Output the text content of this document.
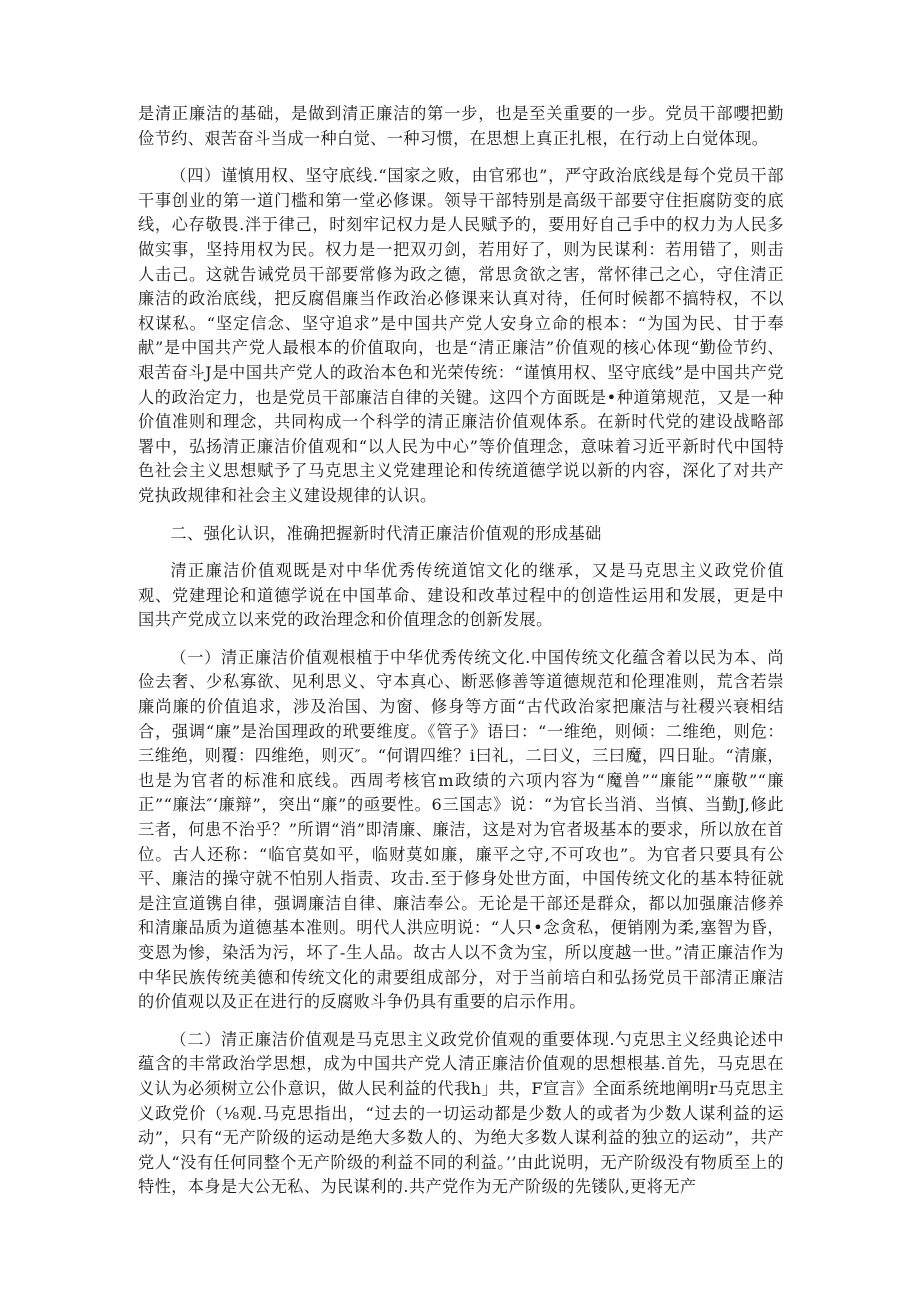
是清正廉洁的基础，是做到清正廉洁的第一步，也是至关重要的一步。党员干部嚶把勤俭节约、艰苦奋斗当成一种白觉、一种习惯，在思想上真正扎根，在行动上白觉体现。

（四）谨慎用权、坚守底线.“国家之败，由官邪也”，严守政治底线是每个党员干部干事创业的第一道门槛和第一堂必修课。领导干部特别是高级干部要守住拒腐防变的底线，心存敬畏.泮于律己，时刻牢记权力是人民赋予的，要用好自己手中的权力为人民多做实事，坚持用权为民。权力是一把双刃剑，若用好了，则为民谋利：若用错了，则击人击己。这就告诫党员干部要常修为政之德，常思贪欲之害，常怀律己之心，守住清正廉洁的政治底线，把反腐倡廉当作政治必修课来认真对待，任何时候都不搞特权，不以权谋私。“坚定信念、坚守追求”是中国共产党人安身立命的根本：“为国为民、甘于奉献”是中国共产党人最根本的价值取向，也是“清正廉洁”价值观的核心体现“勤俭节约、艰苦奋斗J是中国共产党人的政治本色和光荣传统：“谨慎用权、坚守底线”是中国共产党人的政治定力，也是党员干部廉洁自律的关键。这四个方面既是•种道第规范，又是一种价值准则和理念，共同构成一个科学的清正廉洁价值观体系。在新时代党的建设战略部署中，弘扬清正廉洁价值观和“以人民为中心”等价值理念，意味着习近平新时代中国特色社会主义思想赋予了马克思主义党建理论和传统道德学说以新的内容，深化了对共产党执政规律和社会主义建设规律的认识。

二、强化认识，准确把握新时代清正廉洁价值观的形成基础

清正廉洁价值观既是对中华优秀传统道馆文化的继承，又是马克思主义政党价值观、党建理论和道德学说在中国革命、建设和改革过程中的创造性运用和发展，更是中国共产党成立以来党的政治理念和价值理念的创新发展。

（一）清正廉洁价值观根植于中华优秀传统文化.中国传统文化蕴含着以民为本、尚俭去奢、少私寡欲、见利思义、守本真心、断恶修善等道德规范和伦理准则，荒含若崇廉尚廉的价值追求，涉及治国、为窗、修身等方面“古代政治家把廉洁与社稷兴衰相结合，强调“廉”是治国理政的玳要维度。《管子》语曰：“一维绝，则倾：二维绝，则危：三维绝，则覆：四维绝，则灭″。“何谓四维？i曰礼，二曰义，三曰魔，四日耻。“清廉，也是为官者的标准和底线。西周考核官m政绩的六项内容为“魔兽”“廉能”“廉敬”“廉正”“廉法″‘廉辩”，突出“廉”的亟要性。6三国志》说：“为官长当消、当慎、当勤J,修此三者，何患不治乎？”所谓“消”即清廉、廉洁，这是对为官者圾基本的要求，所以放在首位。古人还称：“临官莫如平，临财莫如廉，廉平之守,不可攻也”。为官者只要具有公平、廉洁的操守就不怕别人指责、攻击.至于修身处世方面，中国传统文化的基本特征就是注宣道镌自律，强调廉洁自律、廉洁奉公。无论是干部还是群众，都以加强廉洁修养和清廉品质为道德基本准则。明代人洪应明说：“人只•念贪私，便销刚为柔,塞智为昏，变恩为惨，染活为污，坏了-生人品。故古人以不贪为宝，所以度越一世。”清正廉洁作为中华民族传统美德和传统文化的肃要组成部分，对于当前培白和弘扬党员干部清正廉洁的价值观以及正在进行的反腐败斗争仍具有重要的启示作用。

（二）清正廉洁价值观是马克思主义政党价值观的重要体现.勺克思主义经典论述中蕴含的丰常政治学思想，成为中国共产党人清正廉洁价值观的思想根基.首先，马克思在义认为必须树立公仆意识，做人民利益的代我h」共，F宣言》全面系统地阐明r马克思主义政党价（⅛观.马克思指出，“过去的一切运动都是少数人的或者为少数人谋利益的运动”，只有“无产阶级的运动是绝大多数人的、为绝大多数人谋利益的独立的运动”，共产党人“没有任何同整个无产阶级的利益不同的利益。’’由此说明，无产阶级没有物质至上的特性，本身是大公无私、为民谋利的.共产党作为无产阶级的先镂队,更将无产
